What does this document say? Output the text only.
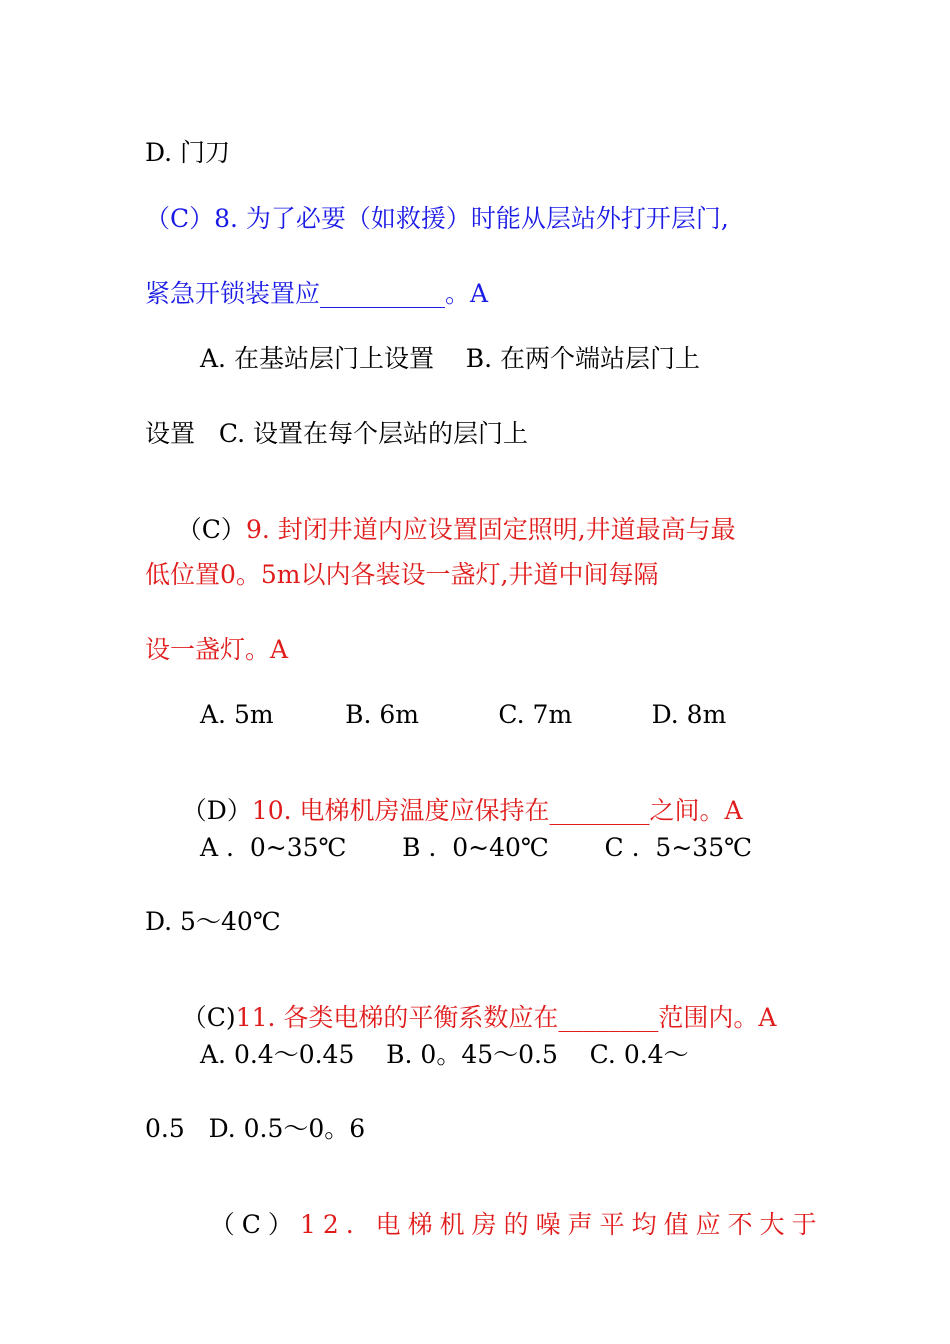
D. 门刀
（C）8. 为了必要（如救援）时能从层站外打开层门,
紧急开锁装置应__________。A
A. 在基站层门上设置    B. 在两个端站层门上
设置   C. 设置在每个层站的层门上

（C）9. 封闭井道内应设置固定照明,井道最高与最

低位置0。5m以内各装设一盏灯,井道中间每隔
设一盏灯。A
A. 5m         B. 6m          C. 7m          D. 8m

（D）10. 电梯机房温度应保持在________之间。A

A .  0~35℃       B .  0~40℃       C .  5~35℃
D. 5～40℃

（C)11. 各类电梯的平衡系数应在________范围内。A

A. 0.4～0.45    B. 0。45～0.5    C. 0.4～
0.5   D. 0.5～0。6

（C）12. 电梯机房的噪声平均值应不大于
